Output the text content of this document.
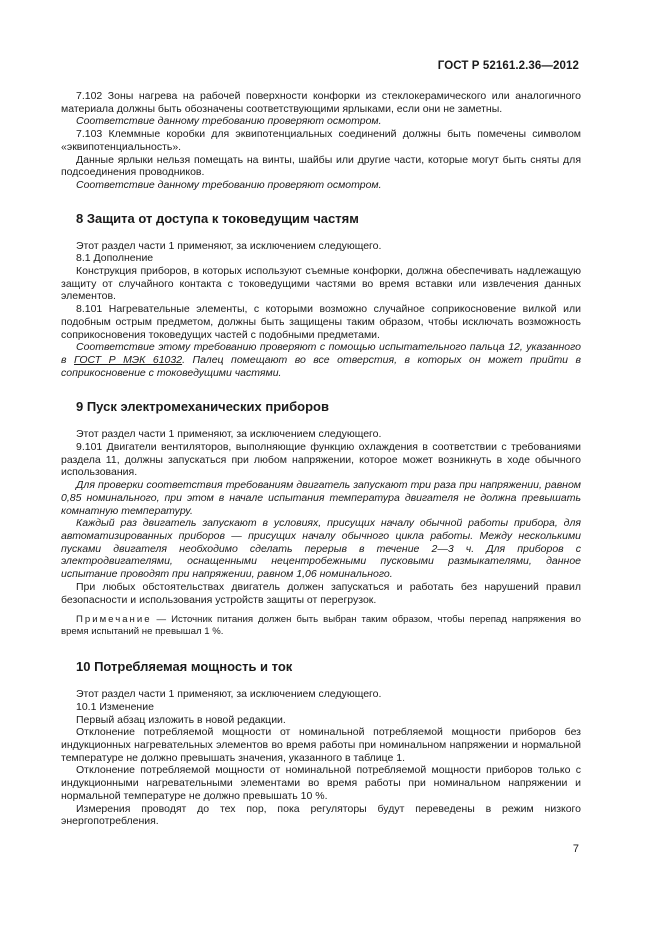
ГОСТ Р 52161.2.36—2012

7.102 Зоны нагрева на рабочей поверхности конфорки из стеклокерамического или аналогичного материала должны быть обозначены соответствующими ярлыками, если они не заметны.

Соответствие данному требованию проверяют осмотром.

7.103 Клеммные коробки для эквипотенциальных соединений должны быть помечены символом «эквипотенциальность».

Данные ярлыки нельзя помещать на винты, шайбы или другие части, которые могут быть сняты для подсоединения проводников.

Соответствие данному требованию проверяют осмотром.

8 Защита от доступа к токоведущим частям

Этот раздел части 1 применяют, за исключением следующего.

8.1 Дополнение

Конструкция приборов, в которых используют съемные конфорки, должна обеспечивать надлежащую защиту от случайного контакта с токоведущими частями во время вставки или извлечения данных элементов.

8.101 Нагревательные элементы, с которыми возможно случайное соприкосновение вилкой или подобным острым предметом, должны быть защищены таким образом, чтобы исключать возможность соприкосновения токоведущих частей с подобными предметами.

Соответствие этому требованию проверяют с помощью испытательного пальца 12, указанного в ГОСТ Р МЭК 61032. Палец помещают во все отверстия, в которых он может прийти в соприкосновение с токоведущими частями.

9 Пуск электромеханических приборов

Этот раздел части 1 применяют, за исключением следующего.

9.101 Двигатели вентиляторов, выполняющие функцию охлаждения в соответствии с требованиями раздела 11, должны запускаться при любом напряжении, которое может возникнуть в ходе обычного использования.

Для проверки соответствия требованиям двигатель запускают три раза при напряжении, равном 0,85 номинального, при этом в начале испытания температура двигателя не должна превышать комнатную температуру.

Каждый раз двигатель запускают в условиях, присущих началу обычной работы прибора, для автоматизированных приборов — присущих началу обычного цикла работы. Между несколькими пусками двигателя необходимо сделать перерыв в течение 2—3 ч. Для приборов с электродвигателями, оснащенными нецентробежными пусковыми размыкателями, данное испытание проводят при напряжении, равном 1,06 номинального.

При любых обстоятельствах двигатель должен запускаться и работать без нарушений правил безопасности и использования устройств защиты от перегрузок.

Примечание — Источник питания должен быть выбран таким образом, чтобы перепад напряжения во время испытаний не превышал 1 %.
10 Потребляемая мощность и ток

Этот раздел части 1 применяют, за исключением следующего.

10.1 Изменение

Первый абзац изложить в новой редакции.

Отклонение потребляемой мощности от номинальной потребляемой мощности приборов без индукционных нагревательных элементов во время работы при номинальном напряжении и нормальной температуре не должно превышать значения, указанного в таблице 1.

Отклонение потребляемой мощности от номинальной потребляемой мощности приборов только с индукционными нагревательными элементами во время работы при номинальном напряжении и нормальной температуре не должно превышать 10 %.

Измерения проводят до тех пор, пока регуляторы будут переведены в режим низкого энергопотребления.

7
